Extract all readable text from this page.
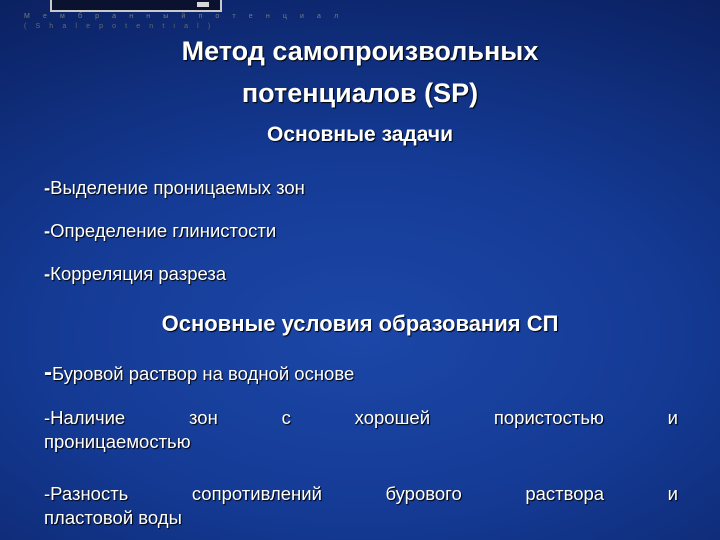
М е м б р а н н ы й п о т е н ц и а л
( S h a l e p o t e n t i a l )
Метод самопроизвольных
потенциалов (SP)
Основные задачи
-Выделение проницаемых зон
-Определение глинистости
-Корреляция разреза
Основные условия образования СП
-Буровой раствор на водной основе
-Наличие	зон	с	хорошей	пористостью	и
проницаемостью
-Разность	сопротивлений	бурового	раствора	и
пластовой воды
